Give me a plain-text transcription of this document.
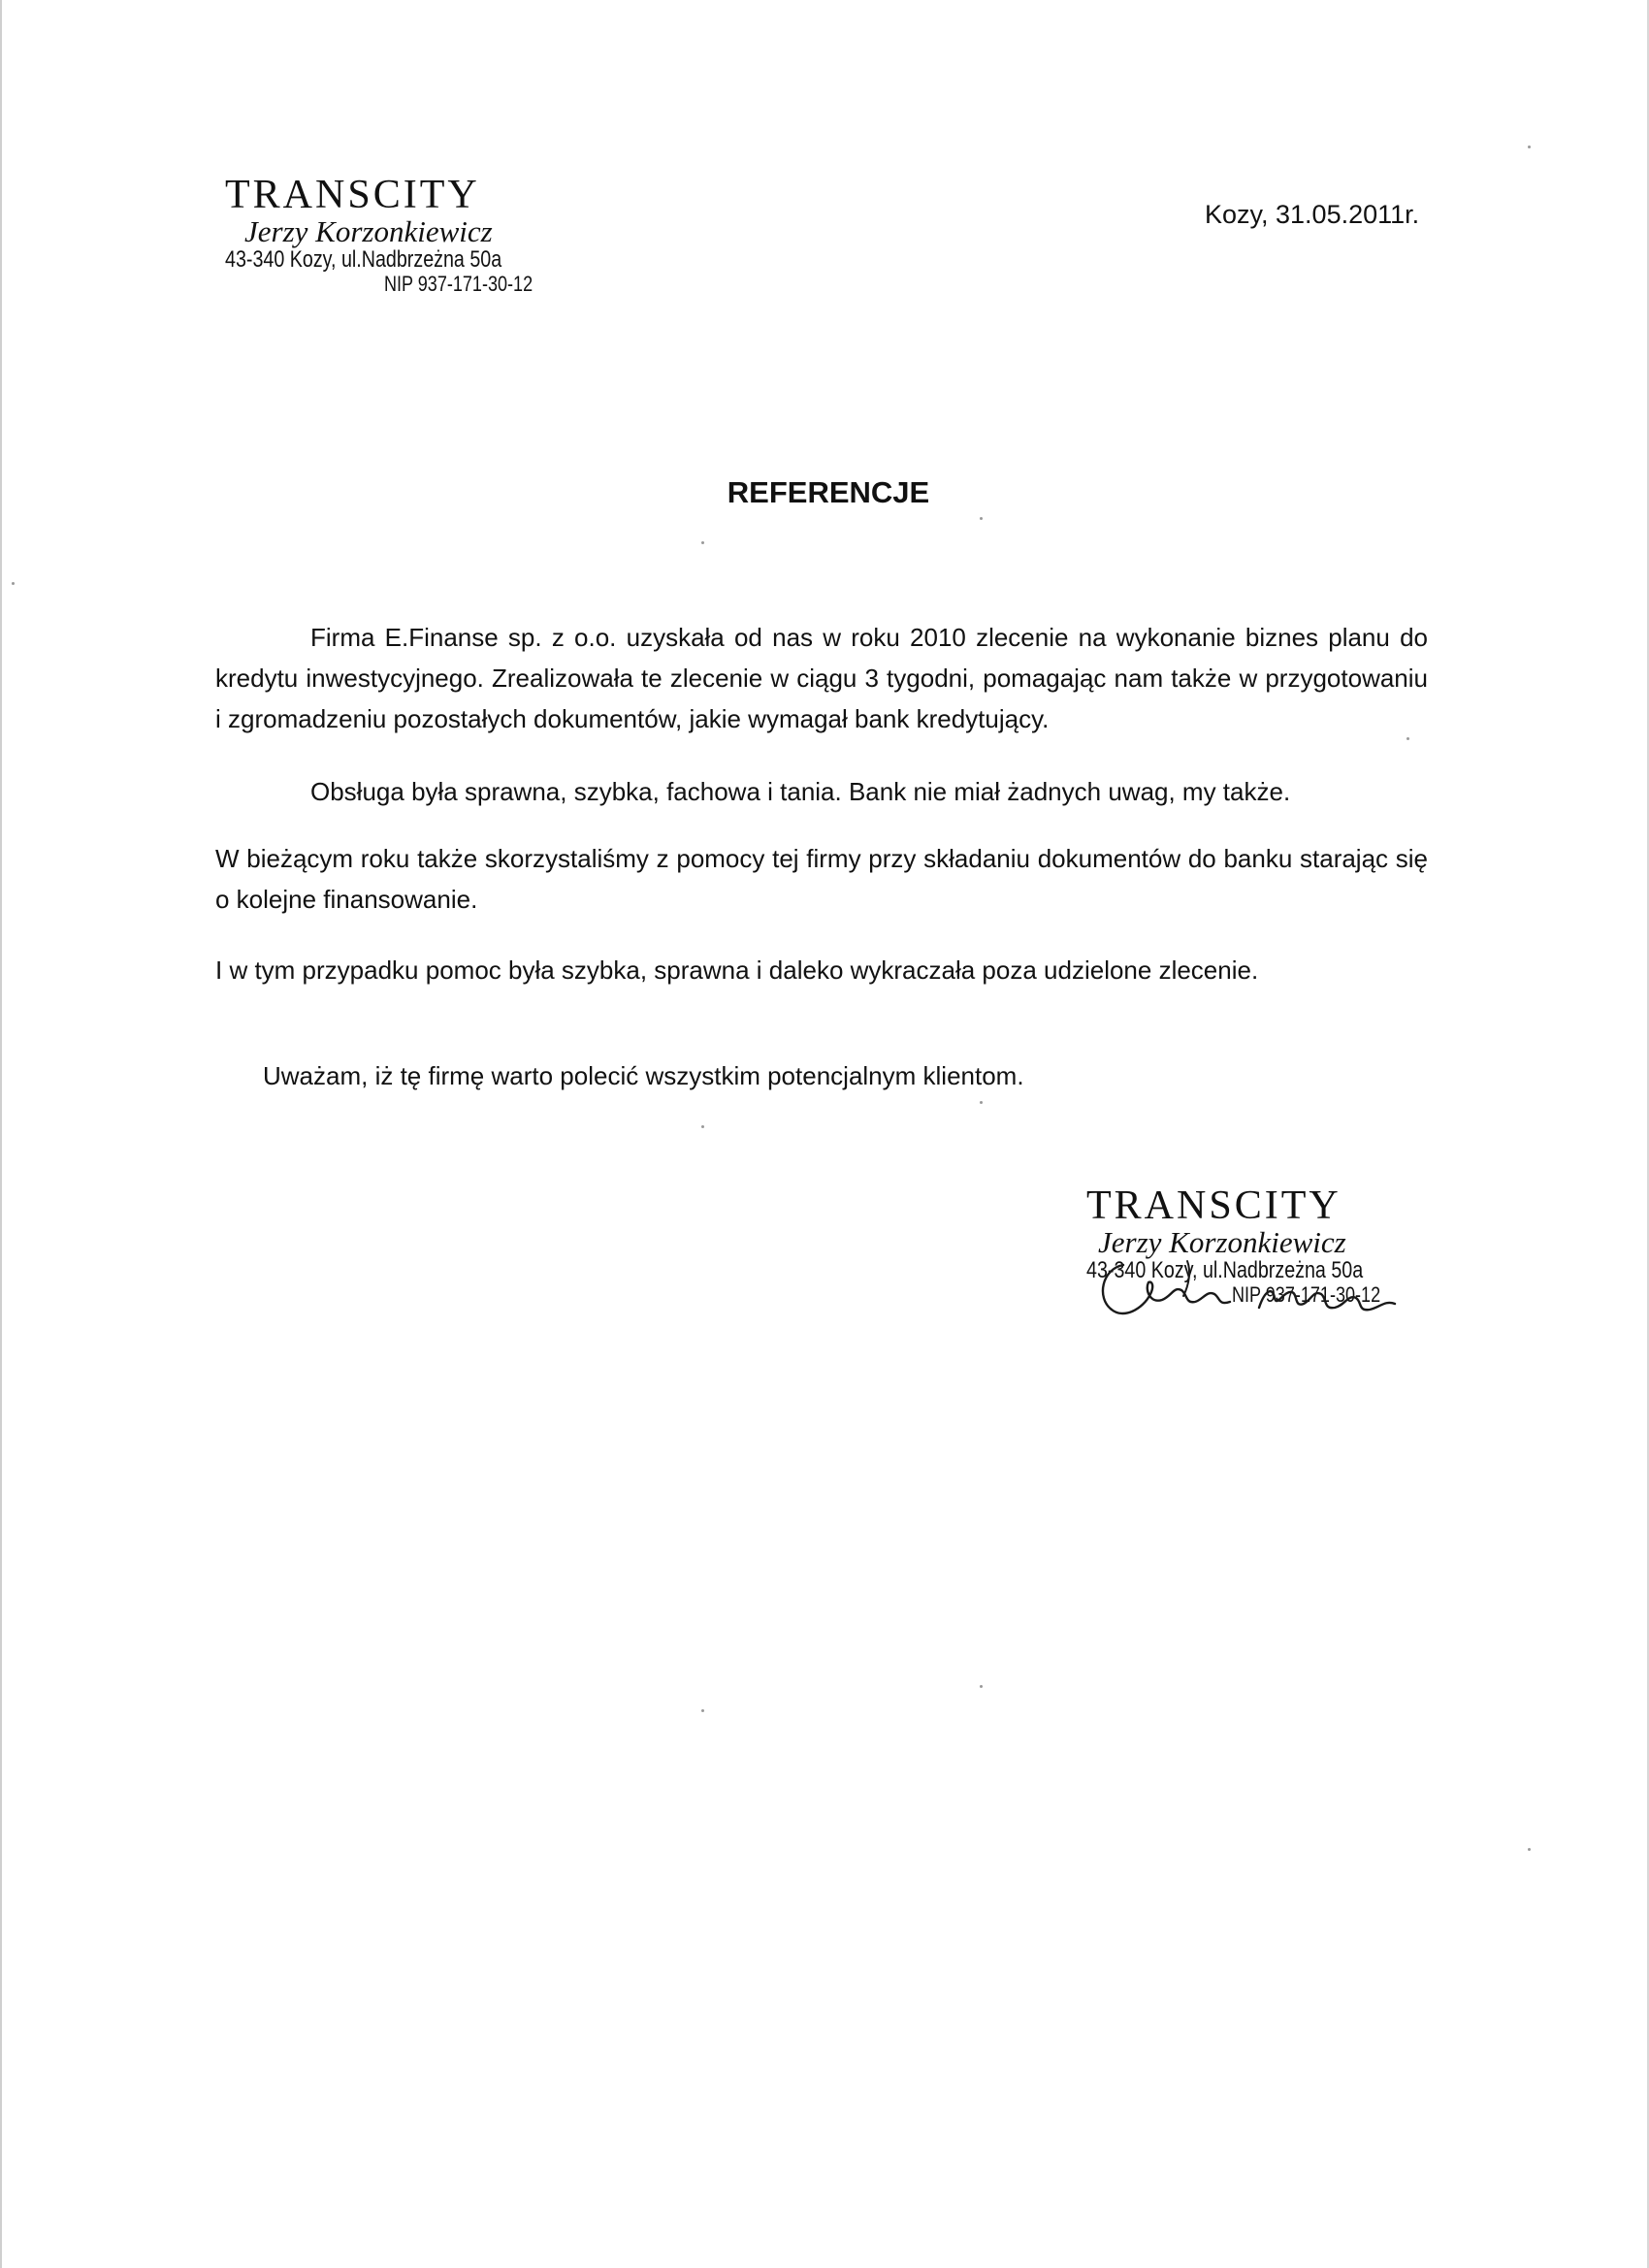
TRANSCITY
Jerzy Korzonkiewicz
43-340 Kozy, ul.Nadbrzeżna 50a
NIP 937-171-30-12
Kozy, 31.05.2011r.
REFERENCJE

Firma E.Finanse sp. z o.o. uzyskała od nas w roku 2010 zlecenie na wykonanie biznes planu do kredytu inwestycyjnego. Zrealizowała te zlecenie w ciągu 3 tygodni, pomagając nam także w przygotowaniu i zgromadzeniu pozostałych dokumentów, jakie wymagał bank kredytujący.

Obsługa była sprawna, szybka, fachowa i tania. Bank nie miał żadnych uwag, my także.

W bieżącym roku także skorzystaliśmy z pomocy tej firmy przy składaniu dokumentów do banku starając się o kolejne finansowanie.

I w tym przypadku pomoc była szybka, sprawna i daleko wykraczała poza udzielone zlecenie.

Uważam, iż tę firmę warto polecić wszystkim potencjalnym klientom.

TRANSCITY
Jerzy Korzonkiewicz
43-340 Kozy, ul.Nadbrzeżna 50a
NIP 937-171-30-12
